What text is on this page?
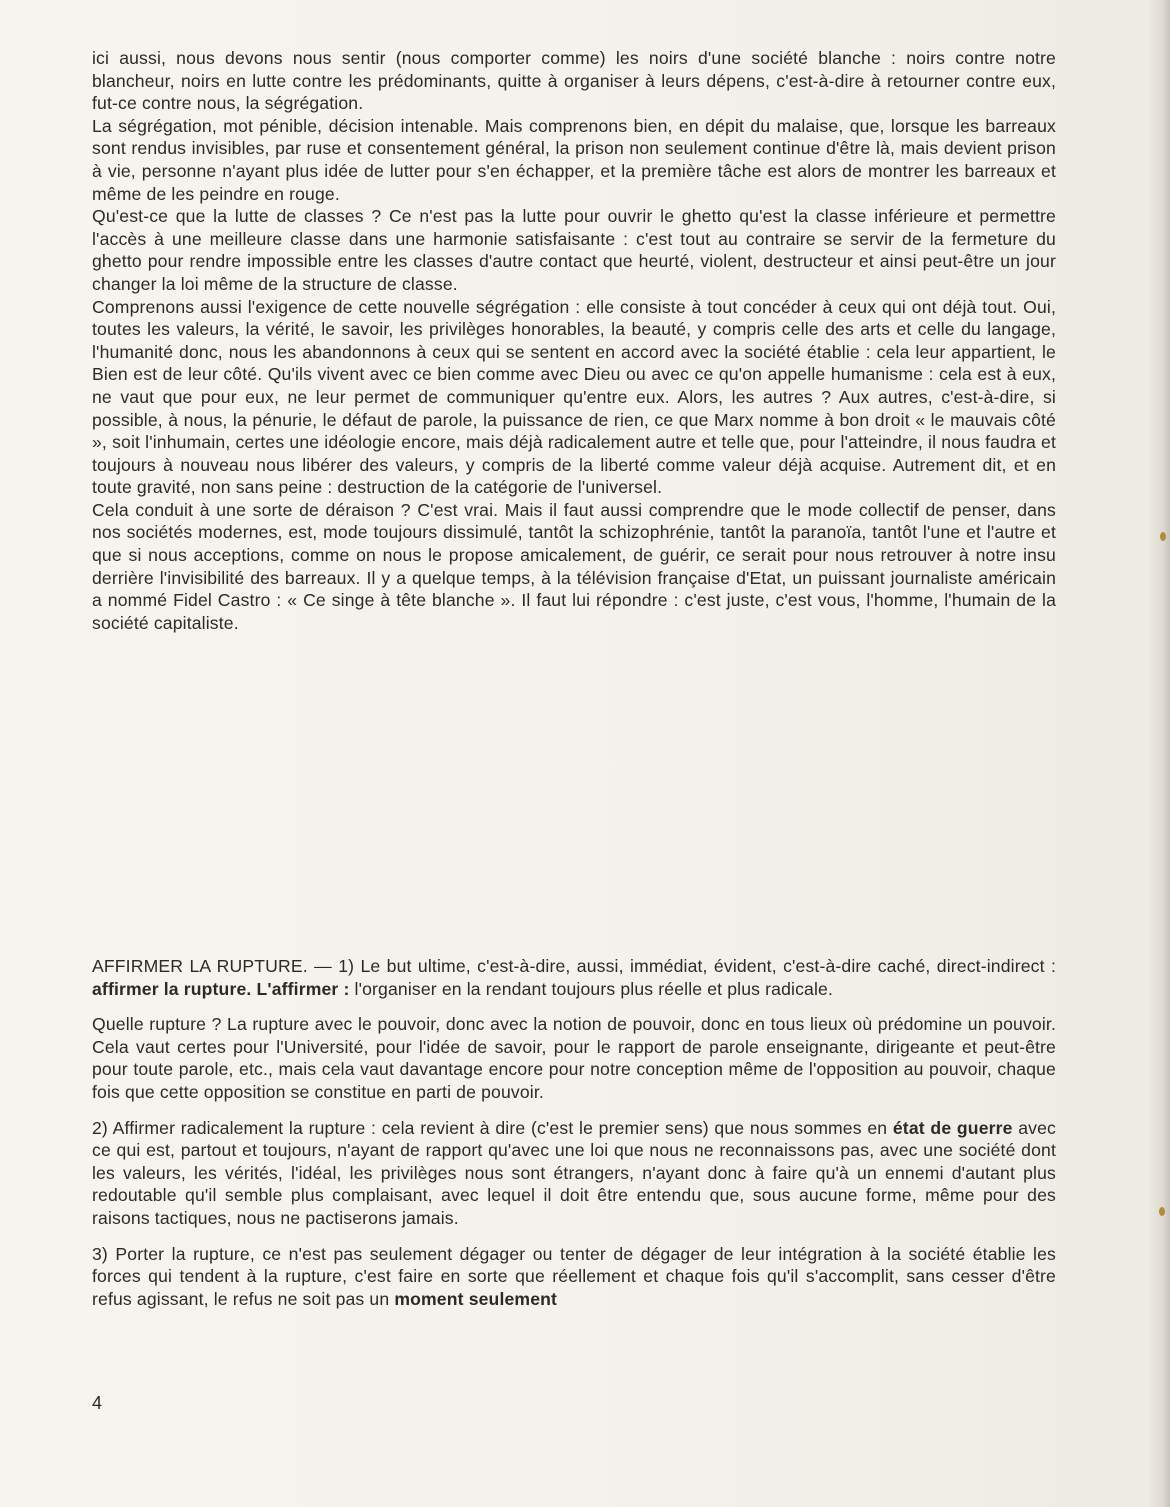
ici aussi, nous devons nous sentir (nous comporter comme) les noirs d'une société blanche : noirs contre notre blancheur, noirs en lutte contre les prédominants, quitte à organiser à leurs dépens, c'est-à-dire à retourner contre eux, fut-ce contre nous, la ségrégation.

La ségrégation, mot pénible, décision intenable. Mais comprenons bien, en dépit du malaise, que, lorsque les barreaux sont rendus invisibles, par ruse et consentement général, la prison non seulement continue d'être là, mais devient prison à vie, personne n'ayant plus idée de lutter pour s'en échapper, et la première tâche est alors de montrer les barreaux et même de les peindre en rouge.

Qu'est-ce que la lutte de classes ? Ce n'est pas la lutte pour ouvrir le ghetto qu'est la classe inférieure et permettre l'accès à une meilleure classe dans une harmonie satisfaisante : c'est tout au contraire se servir de la fermeture du ghetto pour rendre impossible entre les classes d'autre contact que heurté, violent, destructeur et ainsi peut-être un jour changer la loi même de la structure de classe.

Comprenons aussi l'exigence de cette nouvelle ségrégation : elle consiste à tout concéder à ceux qui ont déjà tout. Oui, toutes les valeurs, la vérité, le savoir, les privilèges honorables, la beauté, y compris celle des arts et celle du langage, l'humanité donc, nous les abandonnons à ceux qui se sentent en accord avec la société établie : cela leur appartient, le Bien est de leur côté. Qu'ils vivent avec ce bien comme avec Dieu ou avec ce qu'on appelle humanisme : cela est à eux, ne vaut que pour eux, ne leur permet de communiquer qu'entre eux. Alors, les autres ? Aux autres, c'est-à-dire, si possible, à nous, la pénurie, le défaut de parole, la puissance de rien, ce que Marx nomme à bon droit « le mauvais côté », soit l'inhumain, certes une idéologie encore, mais déjà radicalement autre et telle que, pour l'atteindre, il nous faudra et toujours à nouveau nous libérer des valeurs, y compris de la liberté comme valeur déjà acquise. Autrement dit, et en toute gravité, non sans peine : destruction de la catégorie de l'universel.

Cela conduit à une sorte de déraison ? C'est vrai. Mais il faut aussi comprendre que le mode collectif de penser, dans nos sociétés modernes, est, mode toujours dissimulé, tantôt la schizophrénie, tantôt la paranoïa, tantôt l'une et l'autre et que si nous acceptions, comme on nous le propose amicalement, de guérir, ce serait pour nous retrouver à notre insu derrière l'invisibilité des barreaux. Il y a quelque temps, à la télévision française d'Etat, un puissant journaliste américain a nommé Fidel Castro : « Ce singe à tête blanche ». Il faut lui répondre : c'est juste, c'est vous, l'homme, l'humain de la société capitaliste.

AFFIRMER LA RUPTURE. — 1) Le but ultime, c'est-à-dire, aussi, immédiat, évident, c'est-à-dire caché, direct-indirect : affirmer la rupture. L'affirmer : l'organiser en la rendant toujours plus réelle et plus radicale.

Quelle rupture ? La rupture avec le pouvoir, donc avec la notion de pouvoir, donc en tous lieux où prédomine un pouvoir. Cela vaut certes pour l'Université, pour l'idée de savoir, pour le rapport de parole enseignante, dirigeante et peut-être pour toute parole, etc., mais cela vaut davantage encore pour notre conception même de l'opposition au pouvoir, chaque fois que cette opposition se constitue en parti de pouvoir.

2) Affirmer radicalement la rupture : cela revient à dire (c'est le premier sens) que nous sommes en état de guerre avec ce qui est, partout et toujours, n'ayant de rapport qu'avec une loi que nous ne reconnaissons pas, avec une société dont les valeurs, les vérités, l'idéal, les privilèges nous sont étrangers, n'ayant donc à faire qu'à un ennemi d'autant plus redoutable qu'il semble plus complaisant, avec lequel il doit être entendu que, sous aucune forme, même pour des raisons tactiques, nous ne pactiserons jamais.

3) Porter la rupture, ce n'est pas seulement dégager ou tenter de dégager de leur intégration à la société établie les forces qui tendent à la rupture, c'est faire en sorte que réellement et chaque fois qu'il s'accomplit, sans cesser d'être refus agissant, le refus ne soit pas un moment seulement

4
